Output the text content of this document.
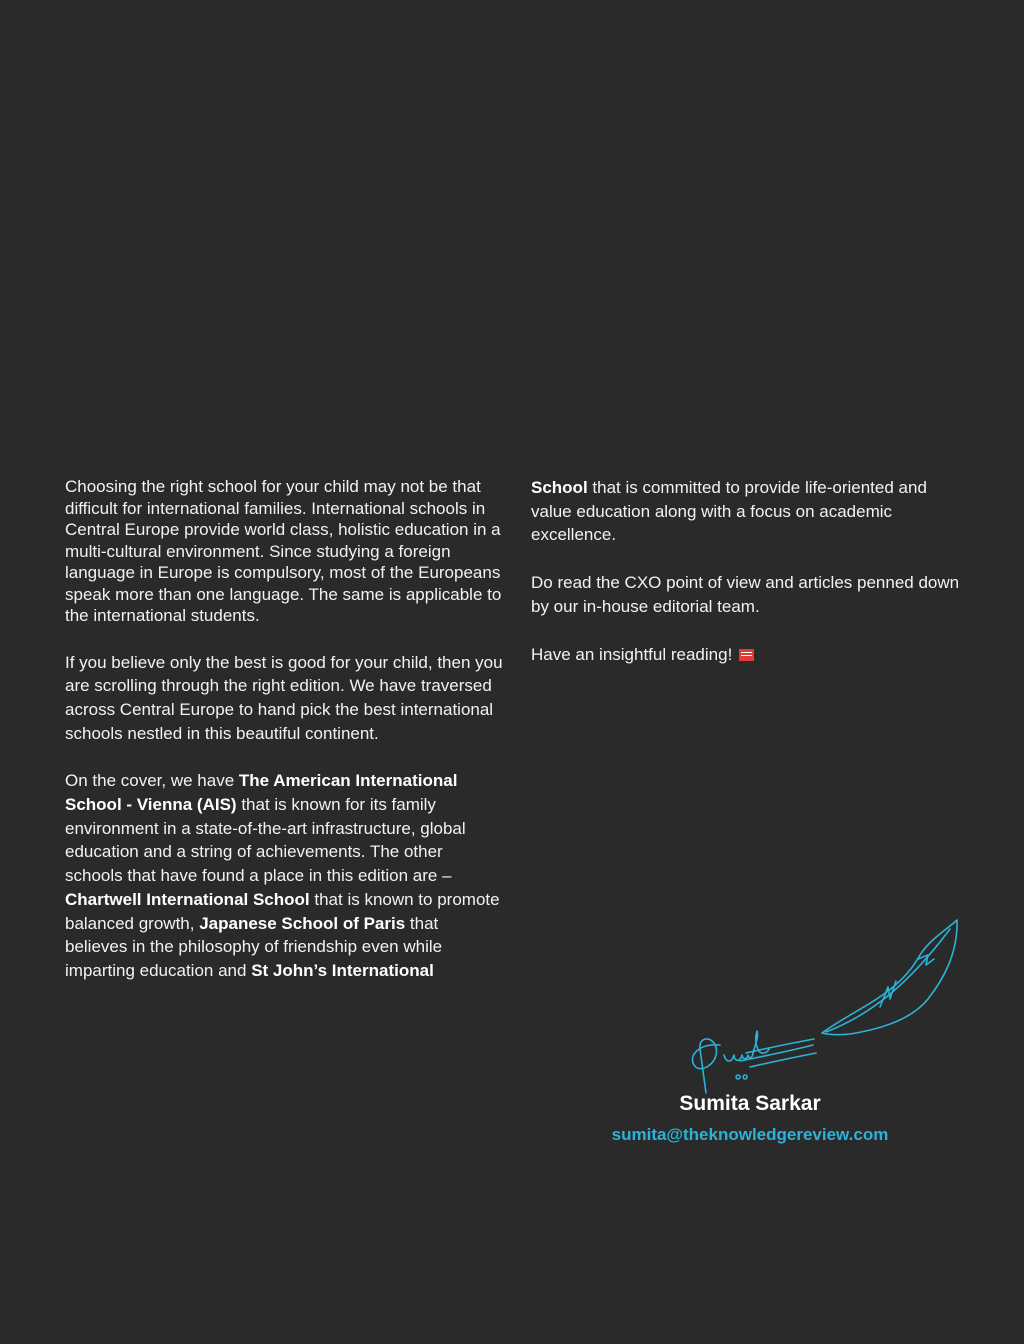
Choosing the right school for your child may not be that difficult for international families. International schools in Central Europe provide world class, holistic education in a multi-cultural environment. Since studying a foreign language in Europe is compulsory, most of the Europeans speak more than one language. The same is applicable to the international students.

If you believe only the best is good for your child, then you are scrolling through the right edition. We have traversed across Central Europe to hand pick the best international schools nestled in this beautiful continent.

On the cover, we have The American International School - Vienna (AIS) that is known for its family environment in a state-of-the-art infrastructure, global education and a string of achievements. The other schools that have found a place in this edition are – Chartwell International School that is known to promote balanced growth, Japanese School of Paris that believes in the philosophy of friendship even while imparting education and St John’s International

School that is committed to provide life-oriented and value education along with a focus on academic excellence.

Do read the CXO point of view and articles penned down by our in-house editorial team.

Have an insightful reading!

Sumita Sarkar
sumita@theknowledgereview.com
